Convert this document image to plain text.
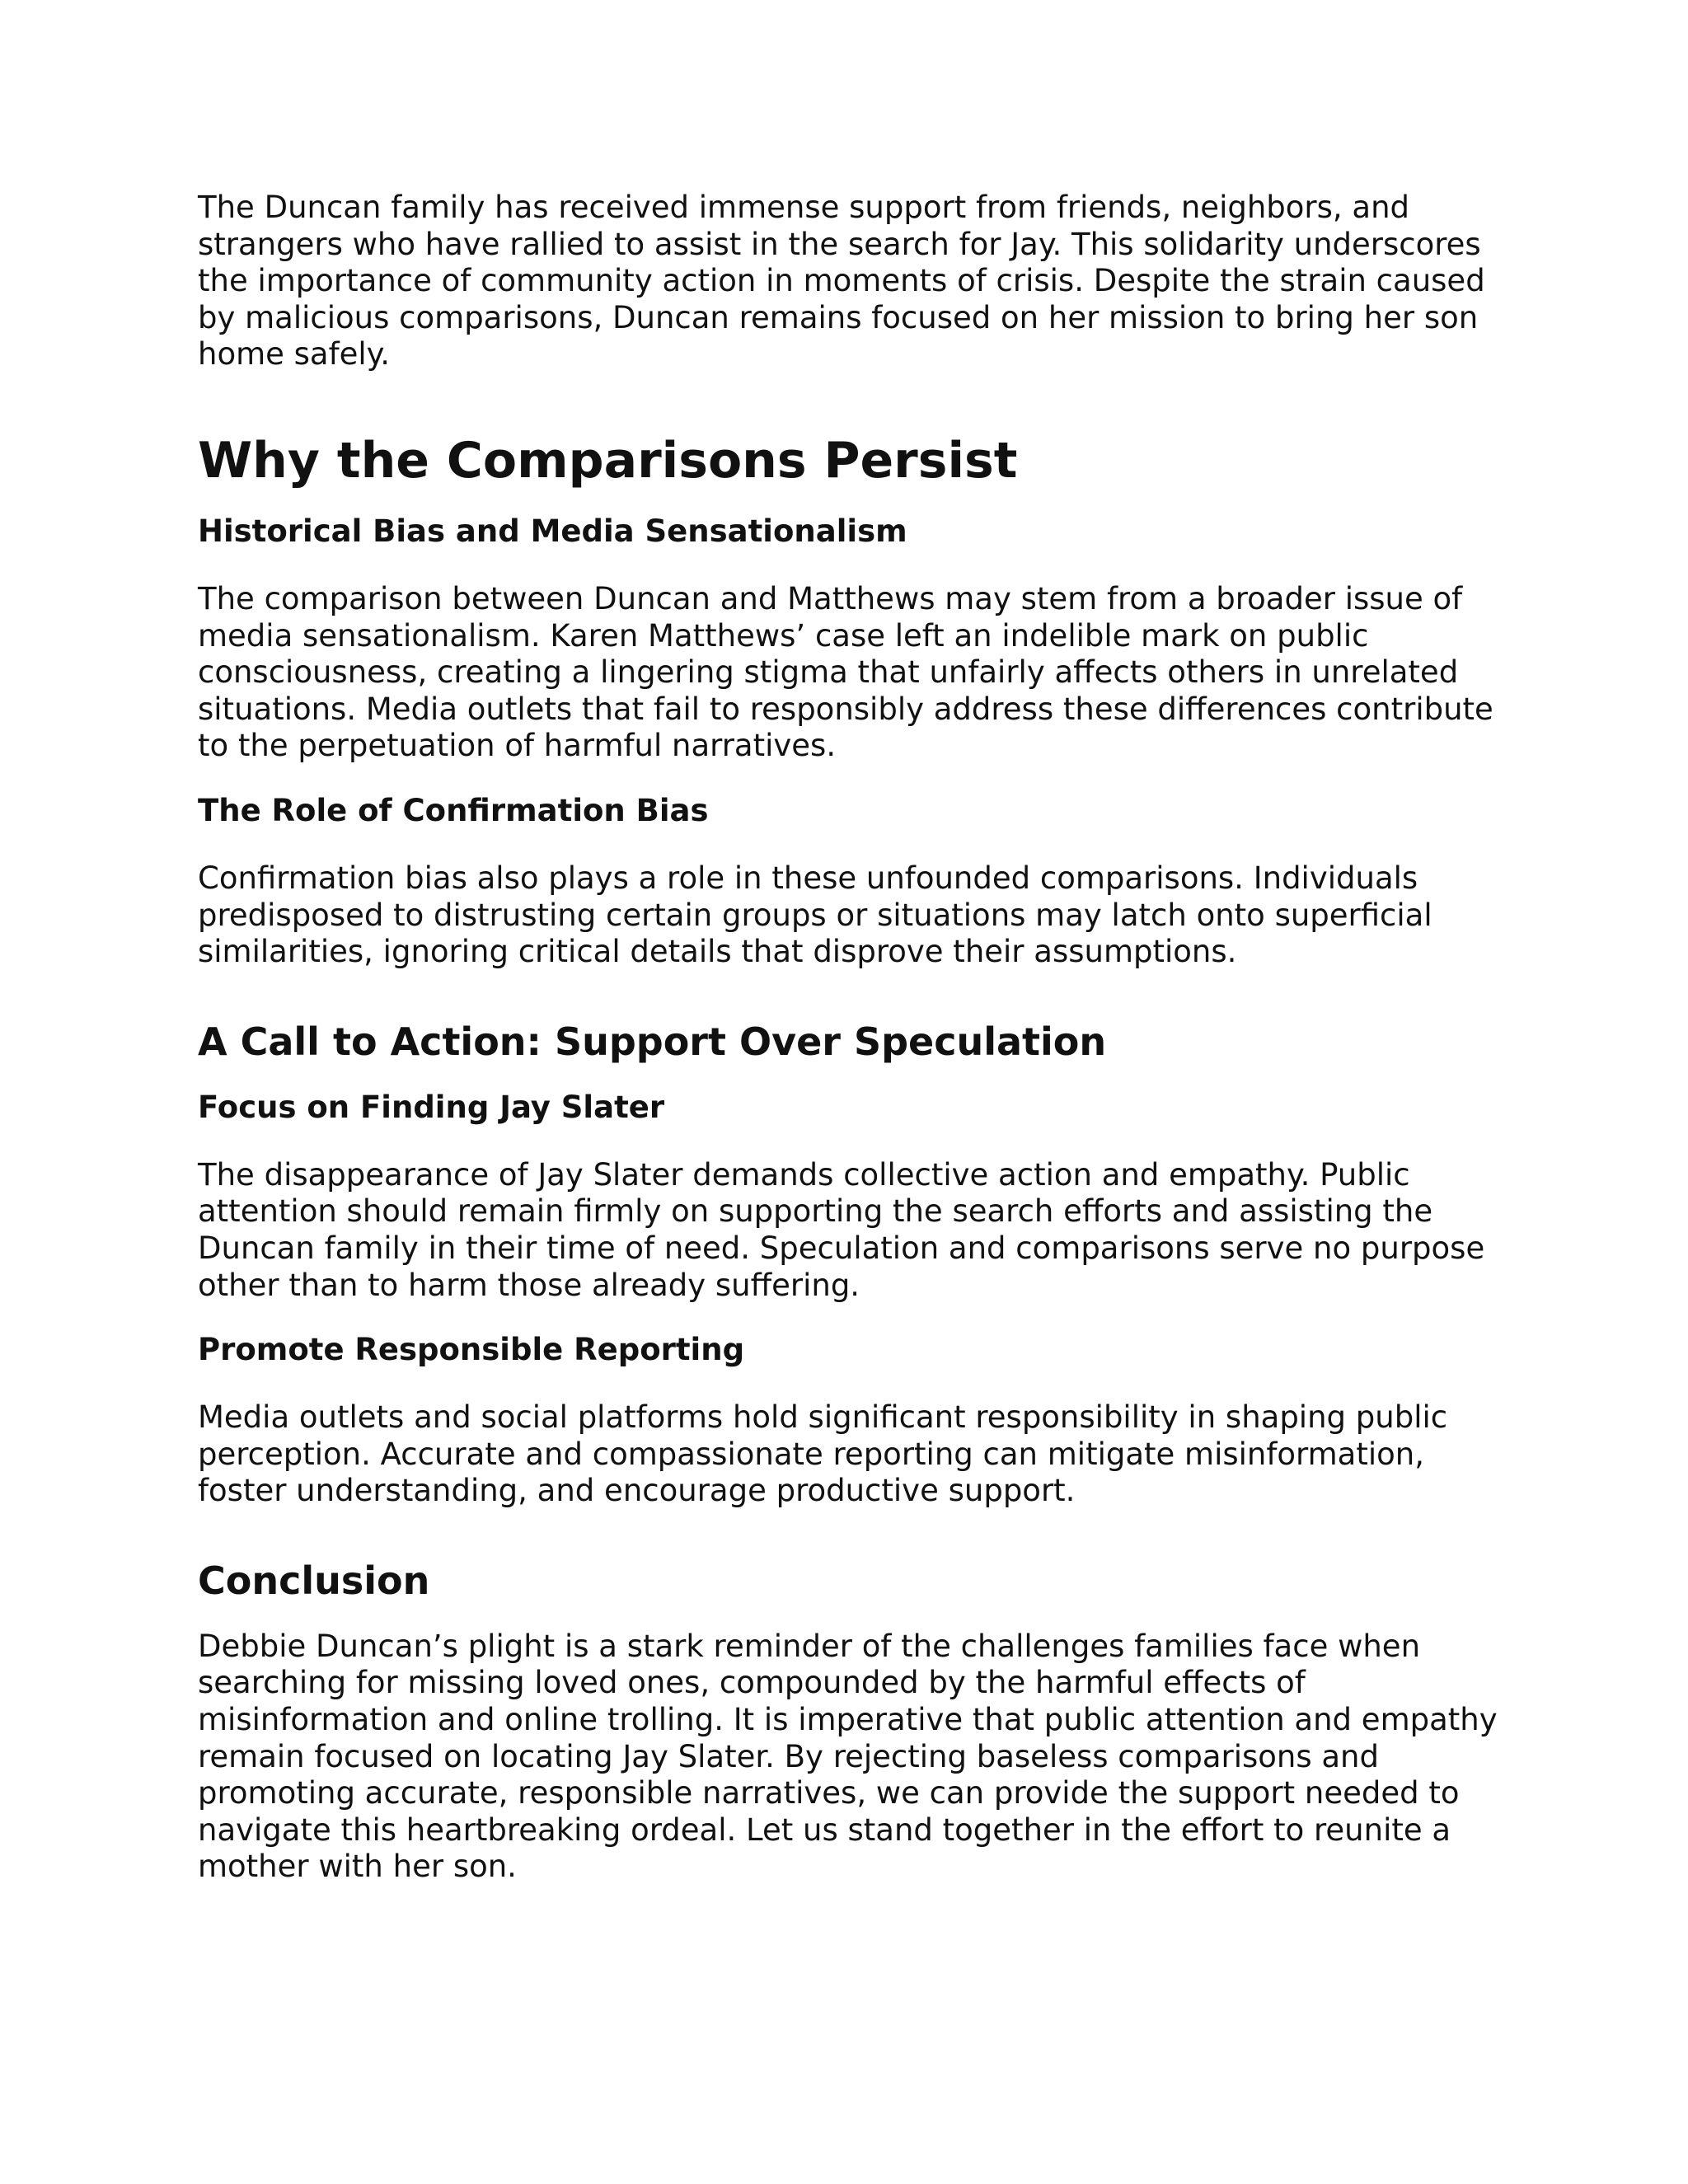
The Duncan family has received immense support from friends, neighbors, and strangers who have rallied to assist in the search for Jay. This solidarity underscores the importance of community action in moments of crisis. Despite the strain caused by malicious comparisons, Duncan remains focused on her mission to bring her son home safely.

Why the Comparisons Persist
Historical Bias and Media Sensationalism

The comparison between Duncan and Matthews may stem from a broader issue of media sensationalism. Karen Matthews’ case left an indelible mark on public consciousness, creating a lingering stigma that unfairly affects others in unrelated situations. Media outlets that fail to responsibly address these differences contribute to the perpetuation of harmful narratives.

The Role of Confirmation Bias

Confirmation bias also plays a role in these unfounded comparisons. Individuals predisposed to distrusting certain groups or situations may latch onto superficial similarities, ignoring critical details that disprove their assumptions.

A Call to Action: Support Over Speculation
Focus on Finding Jay Slater

The disappearance of Jay Slater demands collective action and empathy. Public attention should remain firmly on supporting the search efforts and assisting the Duncan family in their time of need. Speculation and comparisons serve no purpose other than to harm those already suffering.

Promote Responsible Reporting

Media outlets and social platforms hold significant responsibility in shaping public perception. Accurate and compassionate reporting can mitigate misinformation, foster understanding, and encourage productive support.

Conclusion

Debbie Duncan’s plight is a stark reminder of the challenges families face when searching for missing loved ones, compounded by the harmful effects of misinformation and online trolling. It is imperative that public attention and empathy remain focused on locating Jay Slater. By rejecting baseless comparisons and promoting accurate, responsible narratives, we can provide the support needed to navigate this heartbreaking ordeal. Let us stand together in the effort to reunite a mother with her son.
